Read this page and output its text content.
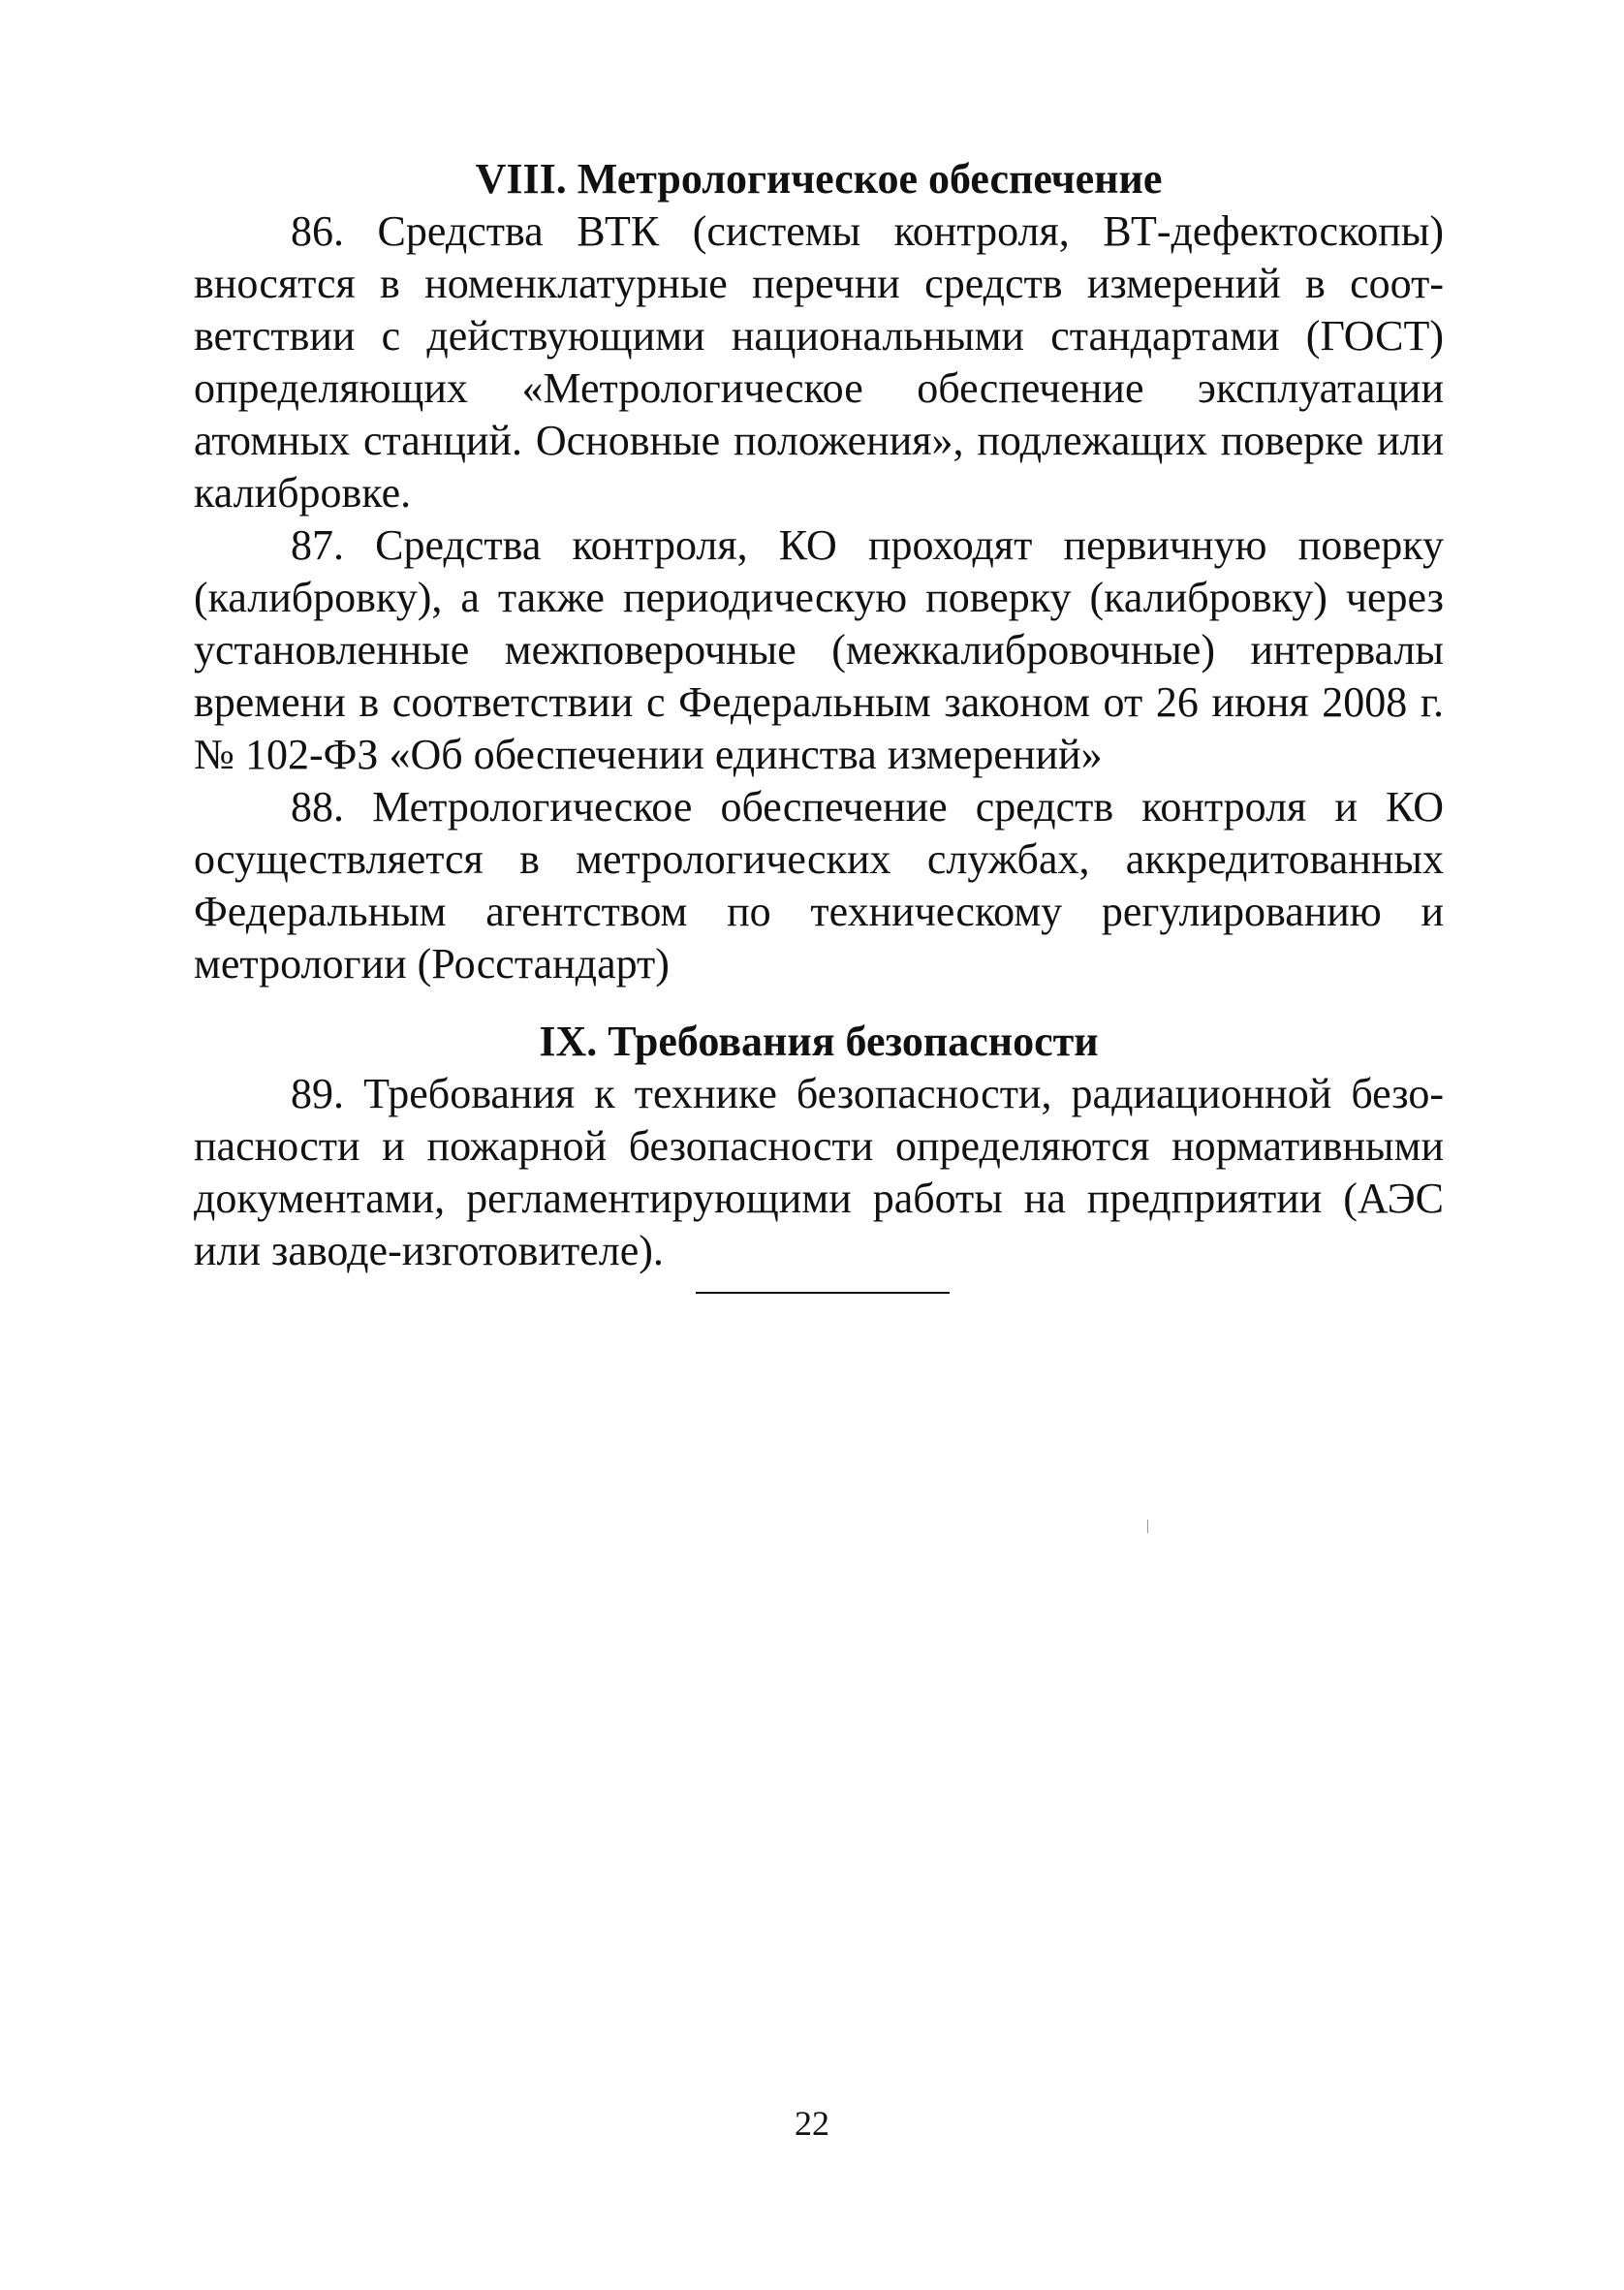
VIII. Метрологическое обеспечение

86. Средства ВТК (системы контроля, ВТ-дефектоскопы) вносятся в номенклатурные перечни средств измерений в соответствии с действующими национальными стандартами (ГОСТ) определяющих «Метрологическое обеспечение эксплуатации атомных станций. Основные положения», подлежащих поверке или калибровке.

87. Средства контроля, КО проходят первичную поверку (калибровку), а также периодическую поверку (калибровку) через установленные межповерочные (межкалибровочные) интервалы времени в соответствии с Федеральным законом от 26 июня 2008 г. № 102-ФЗ «Об обеспечении единства измерений»

88. Метрологическое обеспечение средств контроля и КО осуществляется в метрологических службах, аккредитованных Федеральным агентством по техническому регулированию и метрологии (Росстандарт)

IX. Требования безопасности

89. Требования к технике безопасности, радиационной безопасности и пожарной безопасности определяются нормативными документами, регламентирующими работы на предприятии (АЭС или заводе-изготовителе).

22
